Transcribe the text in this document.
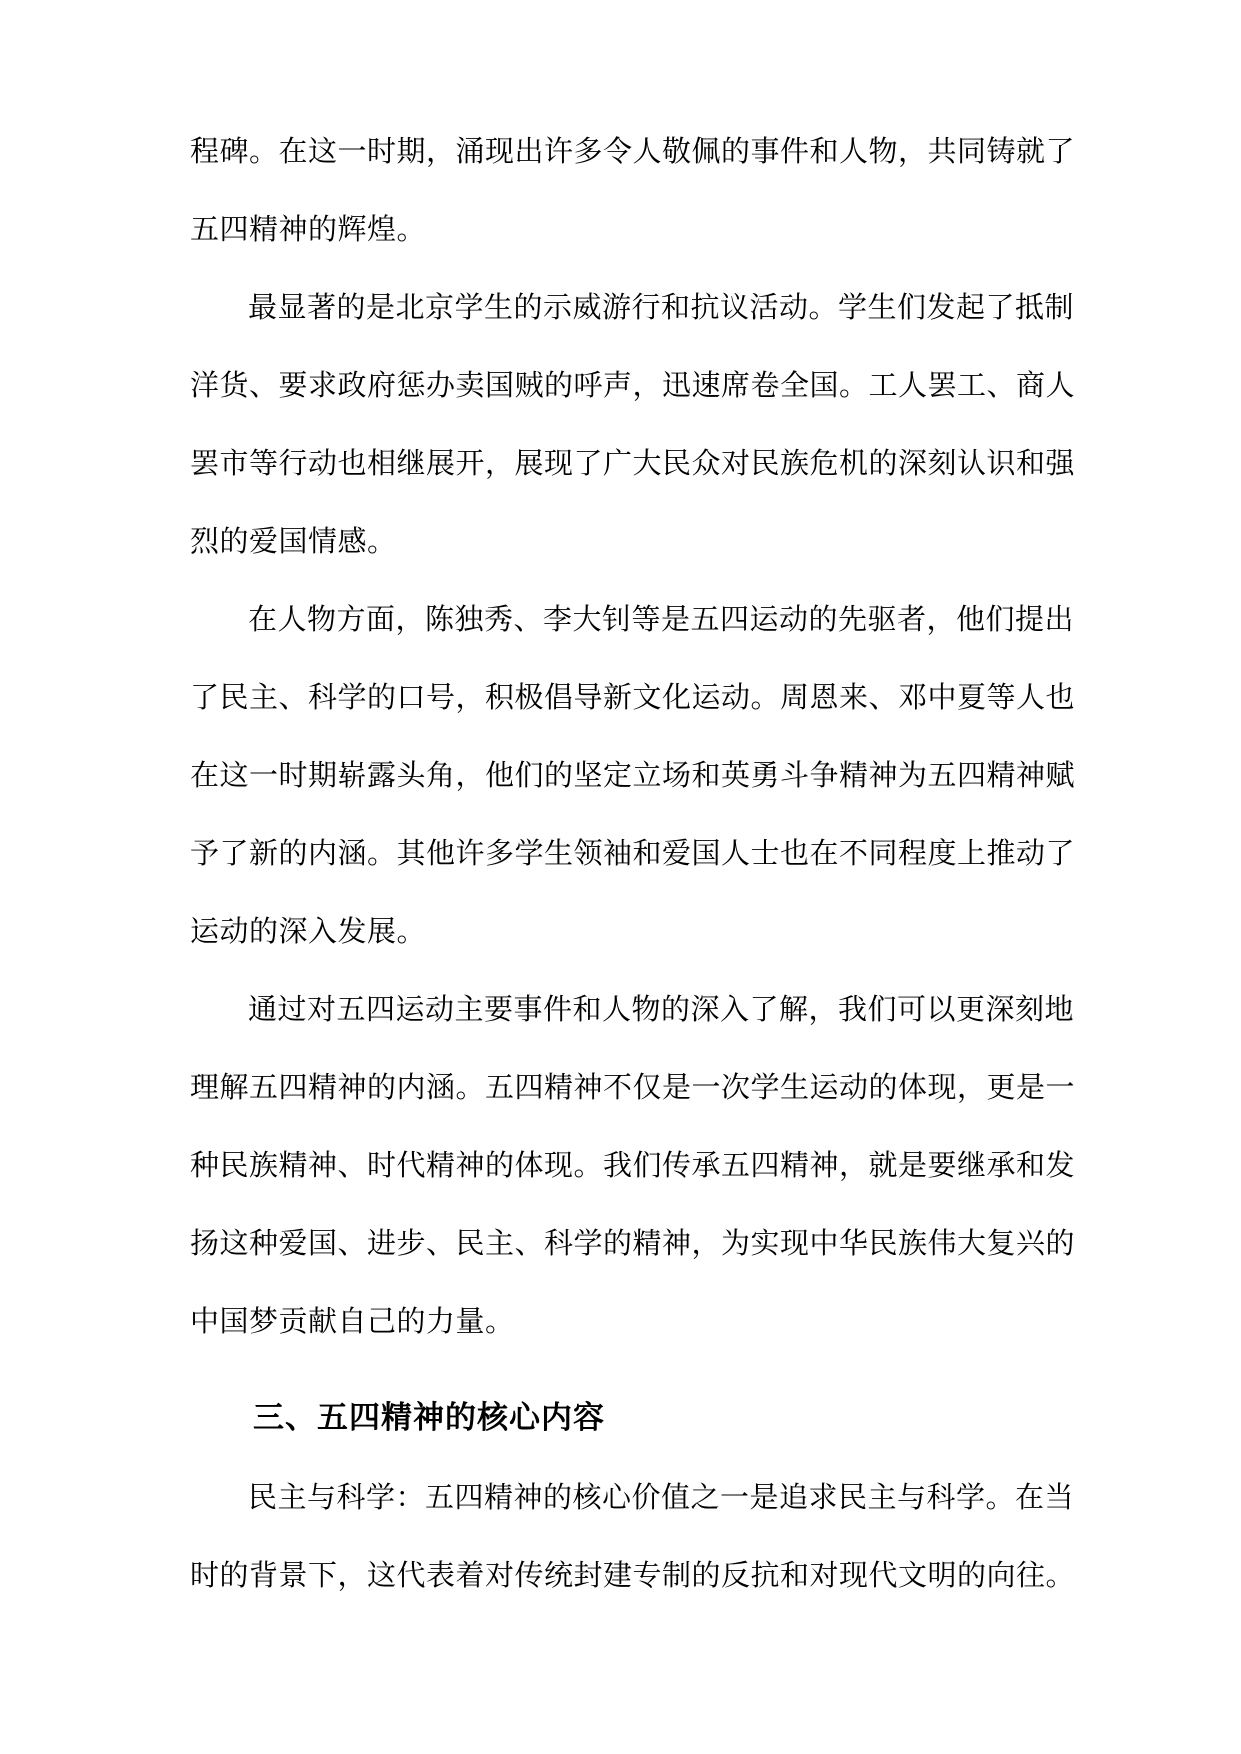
程碑。在这一时期，涌现出许多令人敬佩的事件和人物，共同铸就了
五四精神的辉煌。
最显著的是北京学生的示威游行和抗议活动。学生们发起了抵制
洋货、要求政府惩办卖国贼的呼声，迅速席卷全国。工人罢工、商人
罢市等行动也相继展开，展现了广大民众对民族危机的深刻认识和强
烈的爱国情感。
在人物方面，陈独秀、李大钊等是五四运动的先驱者，他们提出
了民主、科学的口号，积极倡导新文化运动。周恩来、邓中夏等人也
在这一时期崭露头角，他们的坚定立场和英勇斗争精神为五四精神赋
予了新的内涵。其他许多学生领袖和爱国人士也在不同程度上推动了
运动的深入发展。
通过对五四运动主要事件和人物的深入了解，我们可以更深刻地
理解五四精神的内涵。五四精神不仅是一次学生运动的体现，更是一
种民族精神、时代精神的体现。我们传承五四精神，就是要继承和发
扬这种爱国、进步、民主、科学的精神，为实现中华民族伟大复兴的
中国梦贡献自己的力量。
三、五四精神的核心内容
民主与科学：五四精神的核心价值之一是追求民主与科学。在当
时的背景下，这代表着对传统封建专制的反抗和对现代文明的向往。
